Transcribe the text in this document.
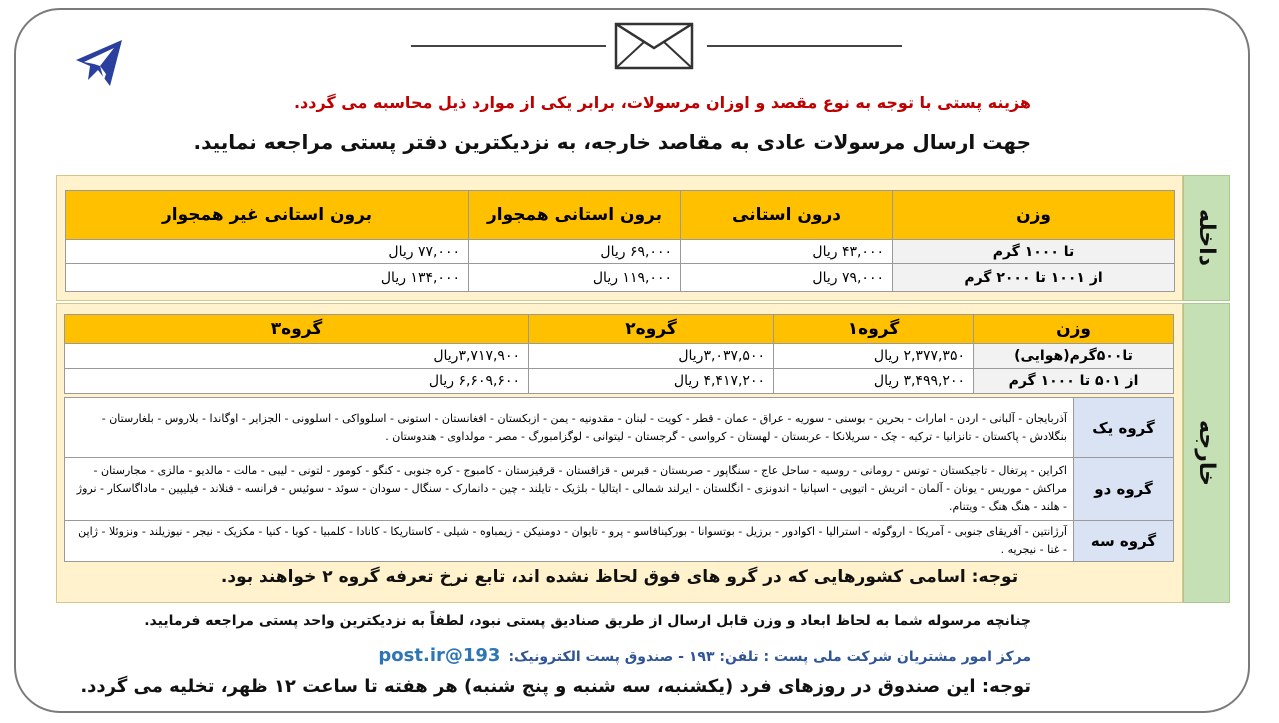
هزینه پستی با توجه به نوع مقصد و اوزان مرسولات، برابر یکی از موارد ذیل محاسبه می گردد.
جهت ارسال مرسولات عادی به مقاصد خارجه، به نزدیکترین دفتر پستی مراجعه نمایید.
داخله
وزن	درون استانی	برون استانی همجوار	برون استانی غیر همجوار
تا ۱۰۰۰ گرم	۴۳,۰۰۰ ریال	۶۹,۰۰۰ ریال	۷۷,۰۰۰ ریال
از ۱۰۰۱ تا ۲۰۰۰ گرم	۷۹,۰۰۰ ریال	۱۱۹,۰۰۰ ریال	۱۳۴,۰۰۰ ریال
خارجه
وزن	گروه۱	گروه۲	گروه۳
تا۵۰۰گرم(هوایی)	۲,۳۷۷,۳۵۰ ریال	۳,۰۳۷,۵۰۰ریال	۳,۷۱۷,۹۰۰ریال
از ۵۰۱ تا ۱۰۰۰ گرم	۳,۴۹۹,۲۰۰ ریال	۴,۴۱۷,۲۰۰ ریال	۶,۶۰۹,۶۰۰ ریال
گروه یک	آذربایجان - آلبانی - اردن - امارات - بحرین - بوسنی - سوریه - عراق - عمان - قطر - کویت - لبنان - مقدونیه - یمن - ازبکستان - افغانستان - استونی - اسلوواکی - اسلوونی - الجزایر - اوگاندا - بلاروس - بلغارستان - بنگلادش - پاکستان - تانزانیا - ترکیه - چک - سریلانکا - عربستان - لهستان - کرواسی - گرجستان - لیتوانی - لوگزامبورگ - مصر - مولداوی - هندوستان .
گروه دو	اکراین - پرتغال - تاجیکستان - تونس - رومانی - روسیه - ساحل عاج - سنگاپور - صربستان - قبرس - قزاقستان - قرقیزستان - کامبوج - کره جنوبی - کنگو - کومور - لتونی - لیبی - مالت - مالدیو - مالزی - مجارستان - مراکش - موریس - یونان - آلمان - اتریش - اتیوپی - اسپانیا - اندونزی - انگلستان - ایرلند شمالی - ایتالیا - بلژیک - تایلند - چین - دانمارک - سنگال - سودان - سوئد - سوئیس - فرانسه - فنلاند - فیلیپین - ماداگاسکار - نروژ - هلند - هنگ هنگ - ویتنام.
گروه سه	آرژانتین - آفریقای جنوبی - آمریکا - اروگوئه - استرالیا - اکوادور - برزیل - بوتسوانا - بورکینافاسو - پرو - تایوان - دومنیکن - زیمباوه - شیلی - کاستاریکا - کانادا - کلمبیا - کوبا - کنیا - مکزیک - نیجر - نیوزیلند - ونزوئلا - ژاپن - غنا - نیجریه .
توجه: اسامی کشورهایی که در گرو های فوق لحاظ نشده اند، تابع نرخ تعرفه گروه ۲ خواهند بود.
چنانچه مرسوله شما به لحاظ ابعاد و وزن قابل ارسال از طریق صنادیق پستی نبود، لطفاً به نزدیکترین واحد پستی مراجعه فرمایید.
مرکز امور مشتریان شرکت ملی پست : تلفن: ۱۹۳ - صندوق پست الکترونیک:193@post.ir
توجه: این صندوق در روزهای فرد (یکشنبه، سه شنبه و پنج شنبه) هر هفته تا ساعت ۱۲ ظهر، تخلیه می گردد.
